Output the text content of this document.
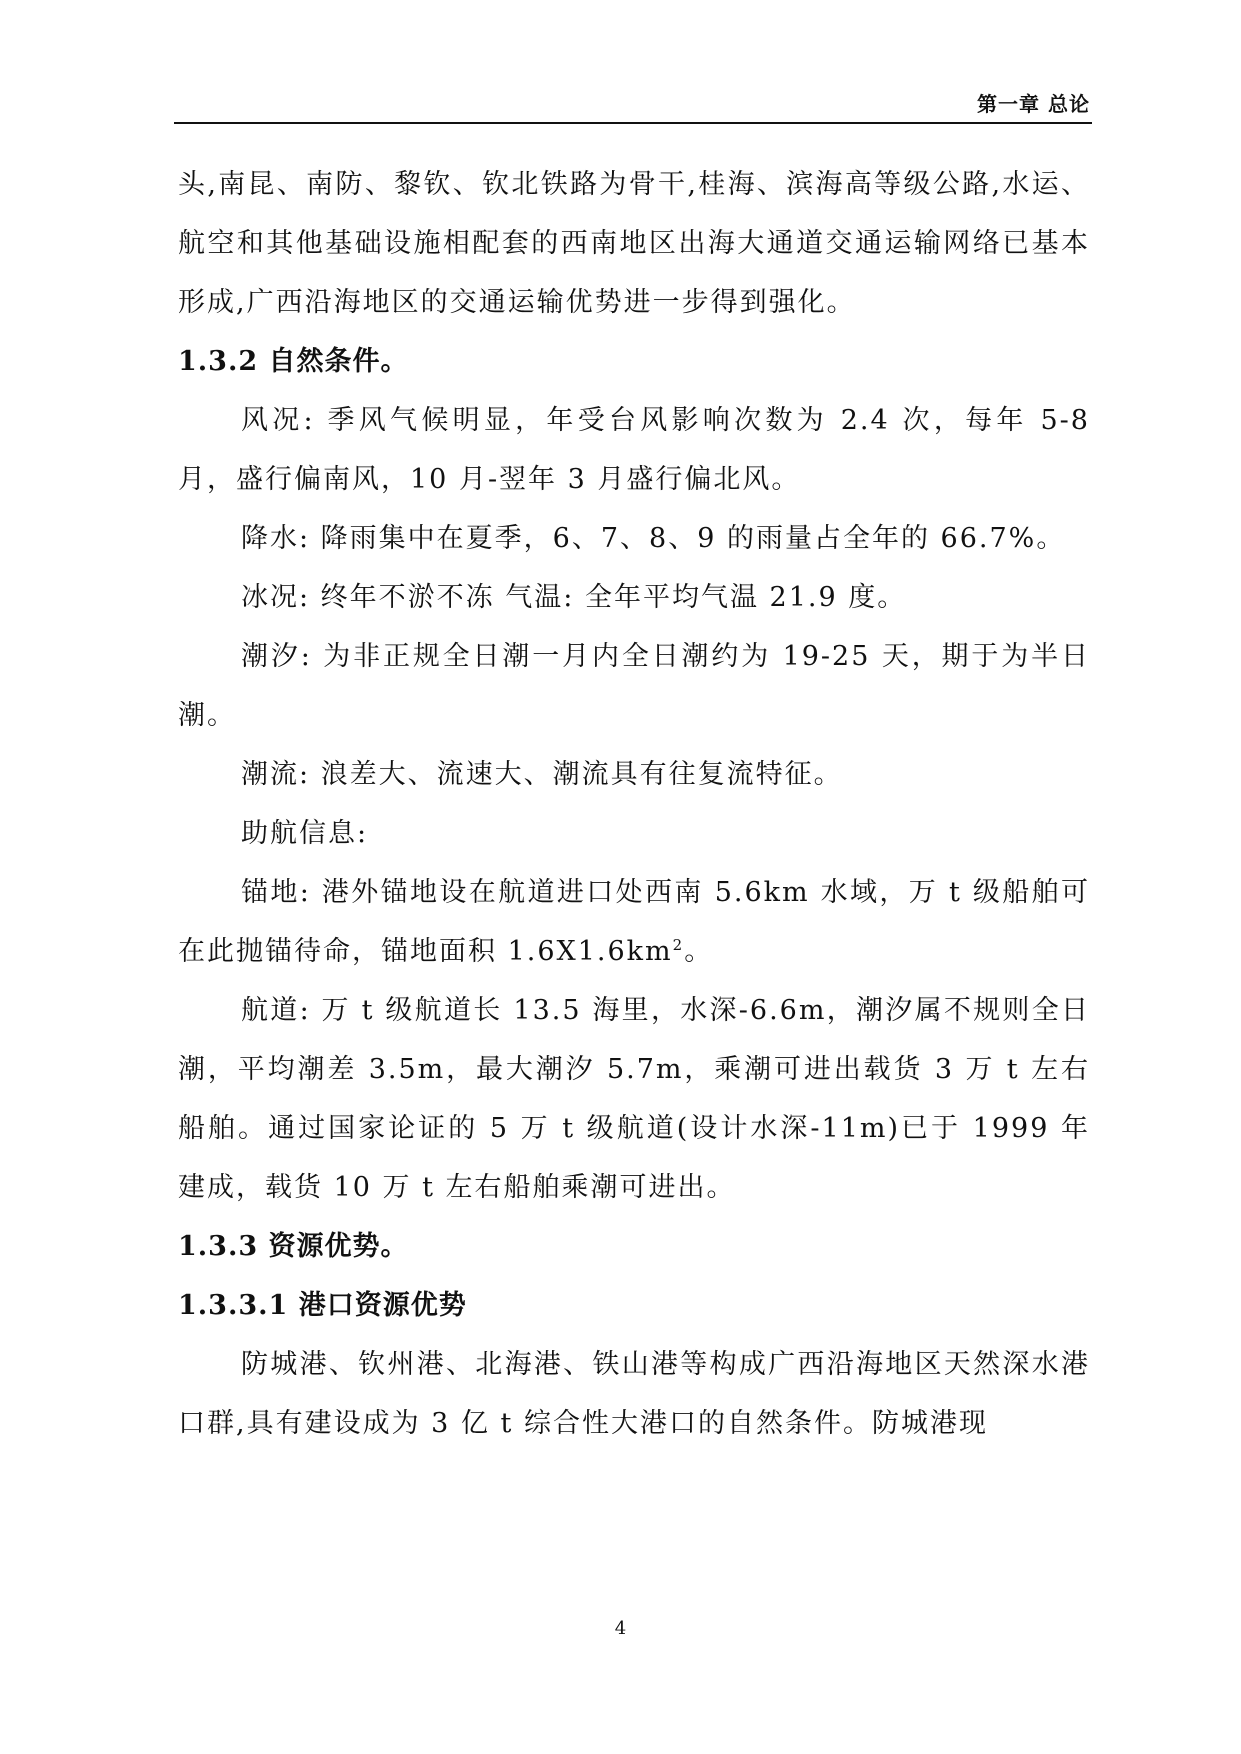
第一章 总论

头,南昆、南防、黎钦、钦北铁路为骨干,桂海、滨海高等级公路,水运、航空和其他基础设施相配套的西南地区出海大通道交通运输网络已基本形成,广西沿海地区的交通运输优势进一步得到强化。

1.3.2 自然条件。

风况: 季风气候明显，年受台风影响次数为 2.4 次，每年 5-8 月，盛行偏南风，10 月-翌年 3 月盛行偏北风。

降水: 降雨集中在夏季，6、7、8、9 的雨量占全年的 66.7%。

冰况: 终年不淤不冻 气温: 全年平均气温 21.9 度。

潮汐: 为非正规全日潮一月内全日潮约为 19-25 天，期于为半日潮。

潮流: 浪差大、流速大、潮流具有往复流特征。

助航信息:

锚地: 港外锚地设在航道进口处西南 5.6km 水域，万 t 级船舶可在此抛锚待命，锚地面积 $1.6X1.6km^2$。

航道: 万 t 级航道长 13.5 海里，水深-6.6m，潮汐属不规则全日潮，平均潮差 3.5m，最大潮汐 5.7m，乘潮可进出载货 3 万 t 左右船舶。通过国家论证的 5 万 t 级航道(设计水深-11m)已于 1999 年建成，载货 10 万 t 左右船舶乘潮可进出。

1.3.3 资源优势。

1.3.3.1 港口资源优势

防城港、钦州港、北海港、铁山港等构成广西沿海地区天然深水港口群,具有建设成为 3 亿 t 综合性大港口的自然条件。防城港现

4
